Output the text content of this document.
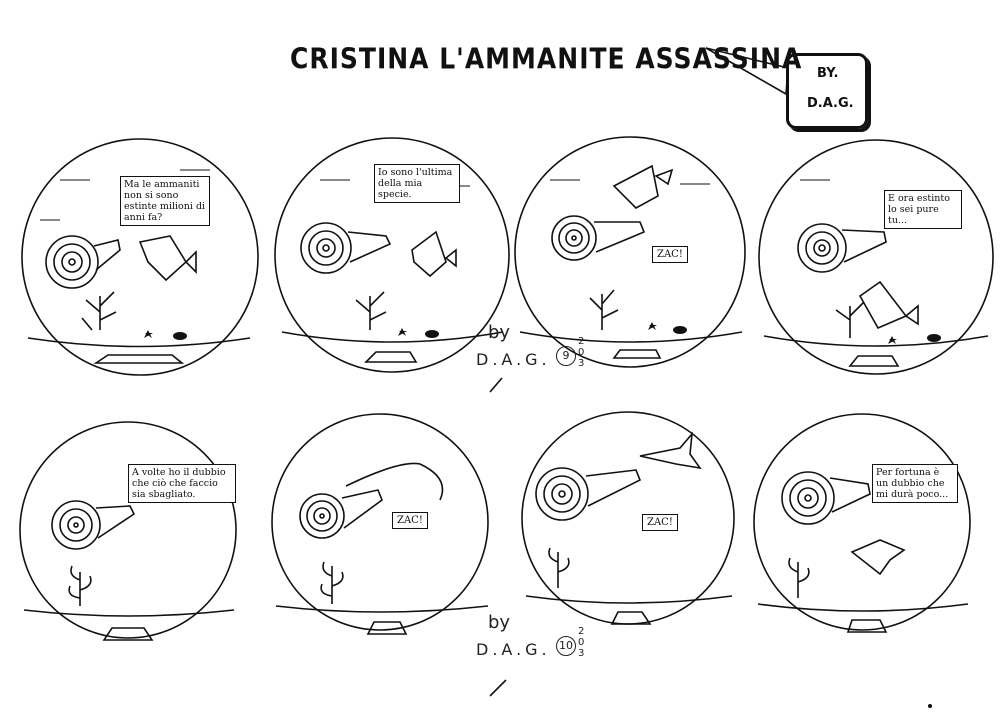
CRISTINA L'AMMANITE ASSASSINA BY.
D.A.G.
Ma le ammaniti non si sono estinte milioni di anni fa?
Io sono l'ultima della mia specie.
ZAC!
E ora estinto lo sei pure tu...
A volte ho il dubbio che ciò che faccio sia sbagliato.
ZAC!	ZAC!
Per fortuna è un dubbio che mi durà poco...
by
D.A.G.	9
2
0
3
by
D.A.G. 10
2
0
3
